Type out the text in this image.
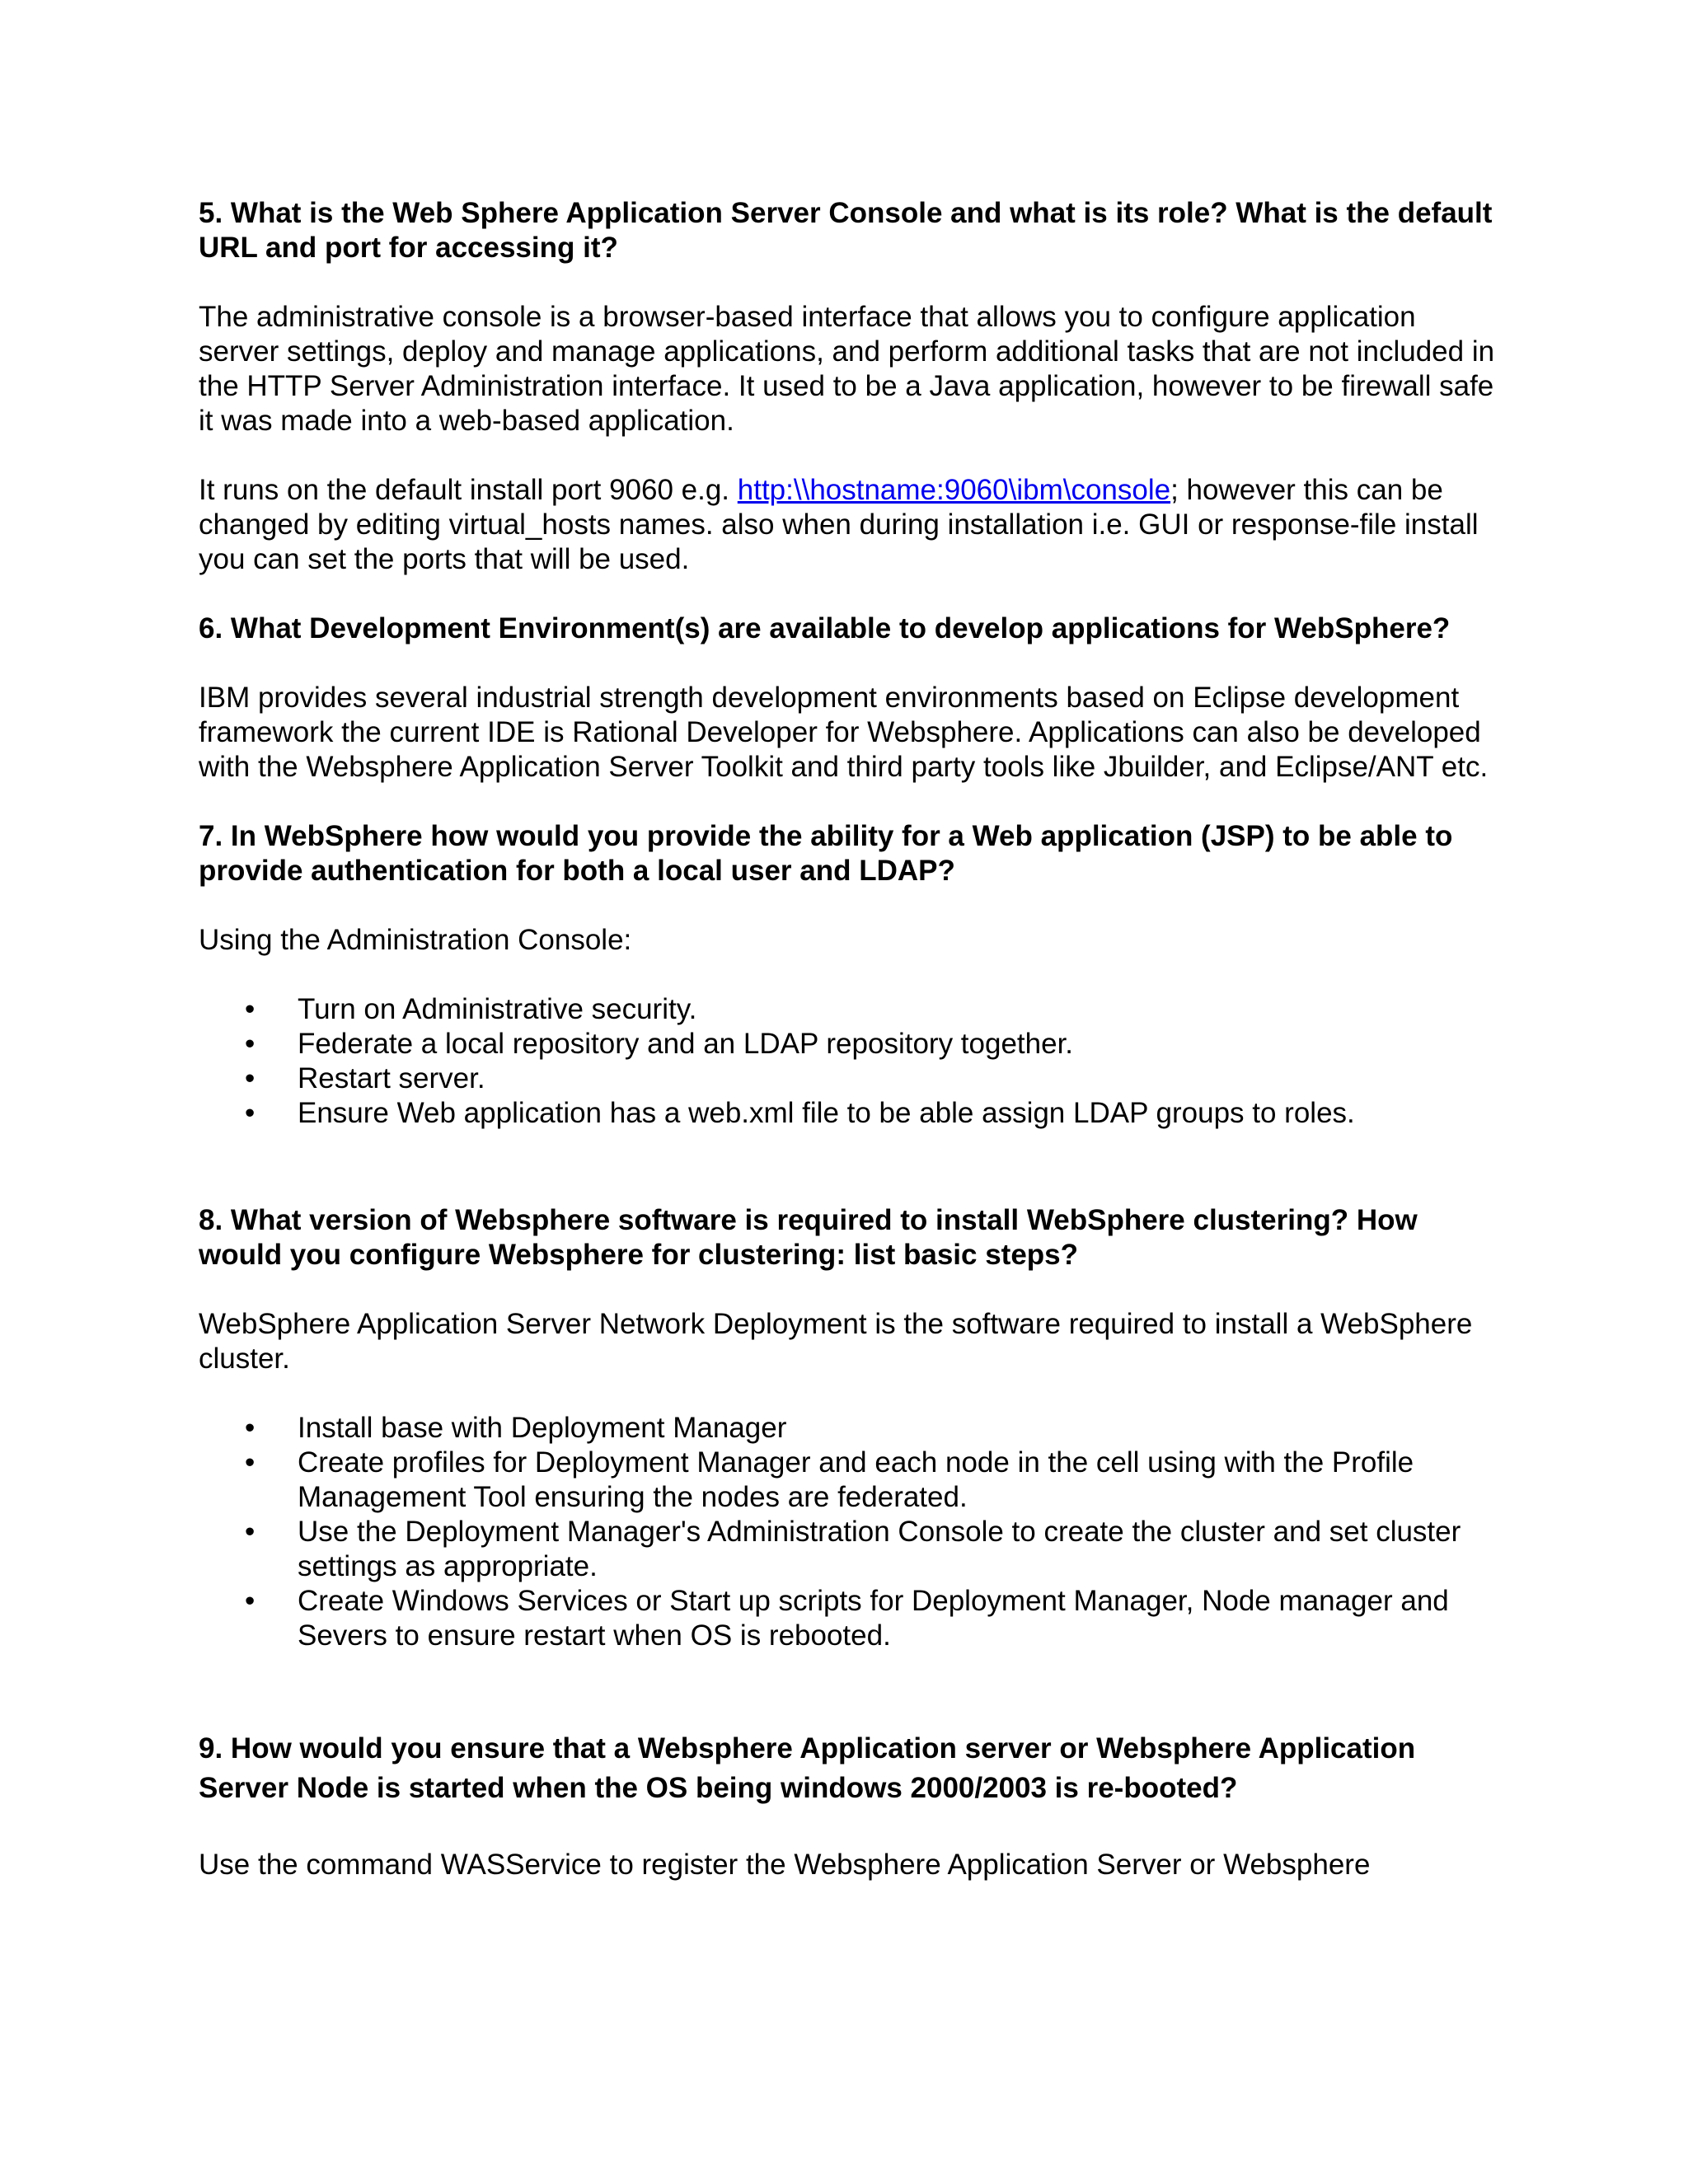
5. What is the Web Sphere Application Server Console and what is its role? What is the default URL and port for accessing it?

The administrative console is a browser-based interface that allows you to configure application server settings, deploy and manage applications, and perform additional tasks that are not included in the HTTP Server Administration interface. It used to be a Java application, however to be firewall safe it was made into a web-based application.

It runs on the default install port 9060 e.g. http:\\hostname:9060\ibm\console; however this can be changed by editing virtual_hosts names. also when during installation i.e. GUI or response-file install you can set the ports that will be used.

6. What Development Environment(s) are available to develop applications for WebSphere?

IBM provides several industrial strength development environments based on Eclipse development framework the current IDE is Rational Developer for Websphere. Applications can also be developed with the Websphere Application Server Toolkit and third party tools like Jbuilder, and Eclipse/ANT etc.

7. In WebSphere how would you provide the ability for a Web application (JSP) to be able to provide authentication for both a local user and LDAP?

Using the Administration Console:

• Turn on Administrative security.
• Federate a local repository and an LDAP repository together.
• Restart server.
• Ensure Web application has a web.xml file to be able assign LDAP groups to roles.

8. What version of Websphere software is required to install WebSphere clustering? How would you configure Websphere for clustering: list basic steps?

WebSphere Application Server Network Deployment is the software required to install a WebSphere cluster.

• Install base with Deployment Manager
• Create profiles for Deployment Manager and each node in the cell using with the Profile Management Tool ensuring the nodes are federated.
• Use the Deployment Manager's Administration Console to create the cluster and set cluster settings as appropriate.
• Create Windows Services or Start up scripts for Deployment Manager, Node manager and Severs to ensure restart when OS is rebooted.

9. How would you ensure that a Websphere Application server or Websphere Application Server Node is started when the OS being windows 2000/2003 is re-booted?

Use the command WASService to register the Websphere Application Server or Websphere
